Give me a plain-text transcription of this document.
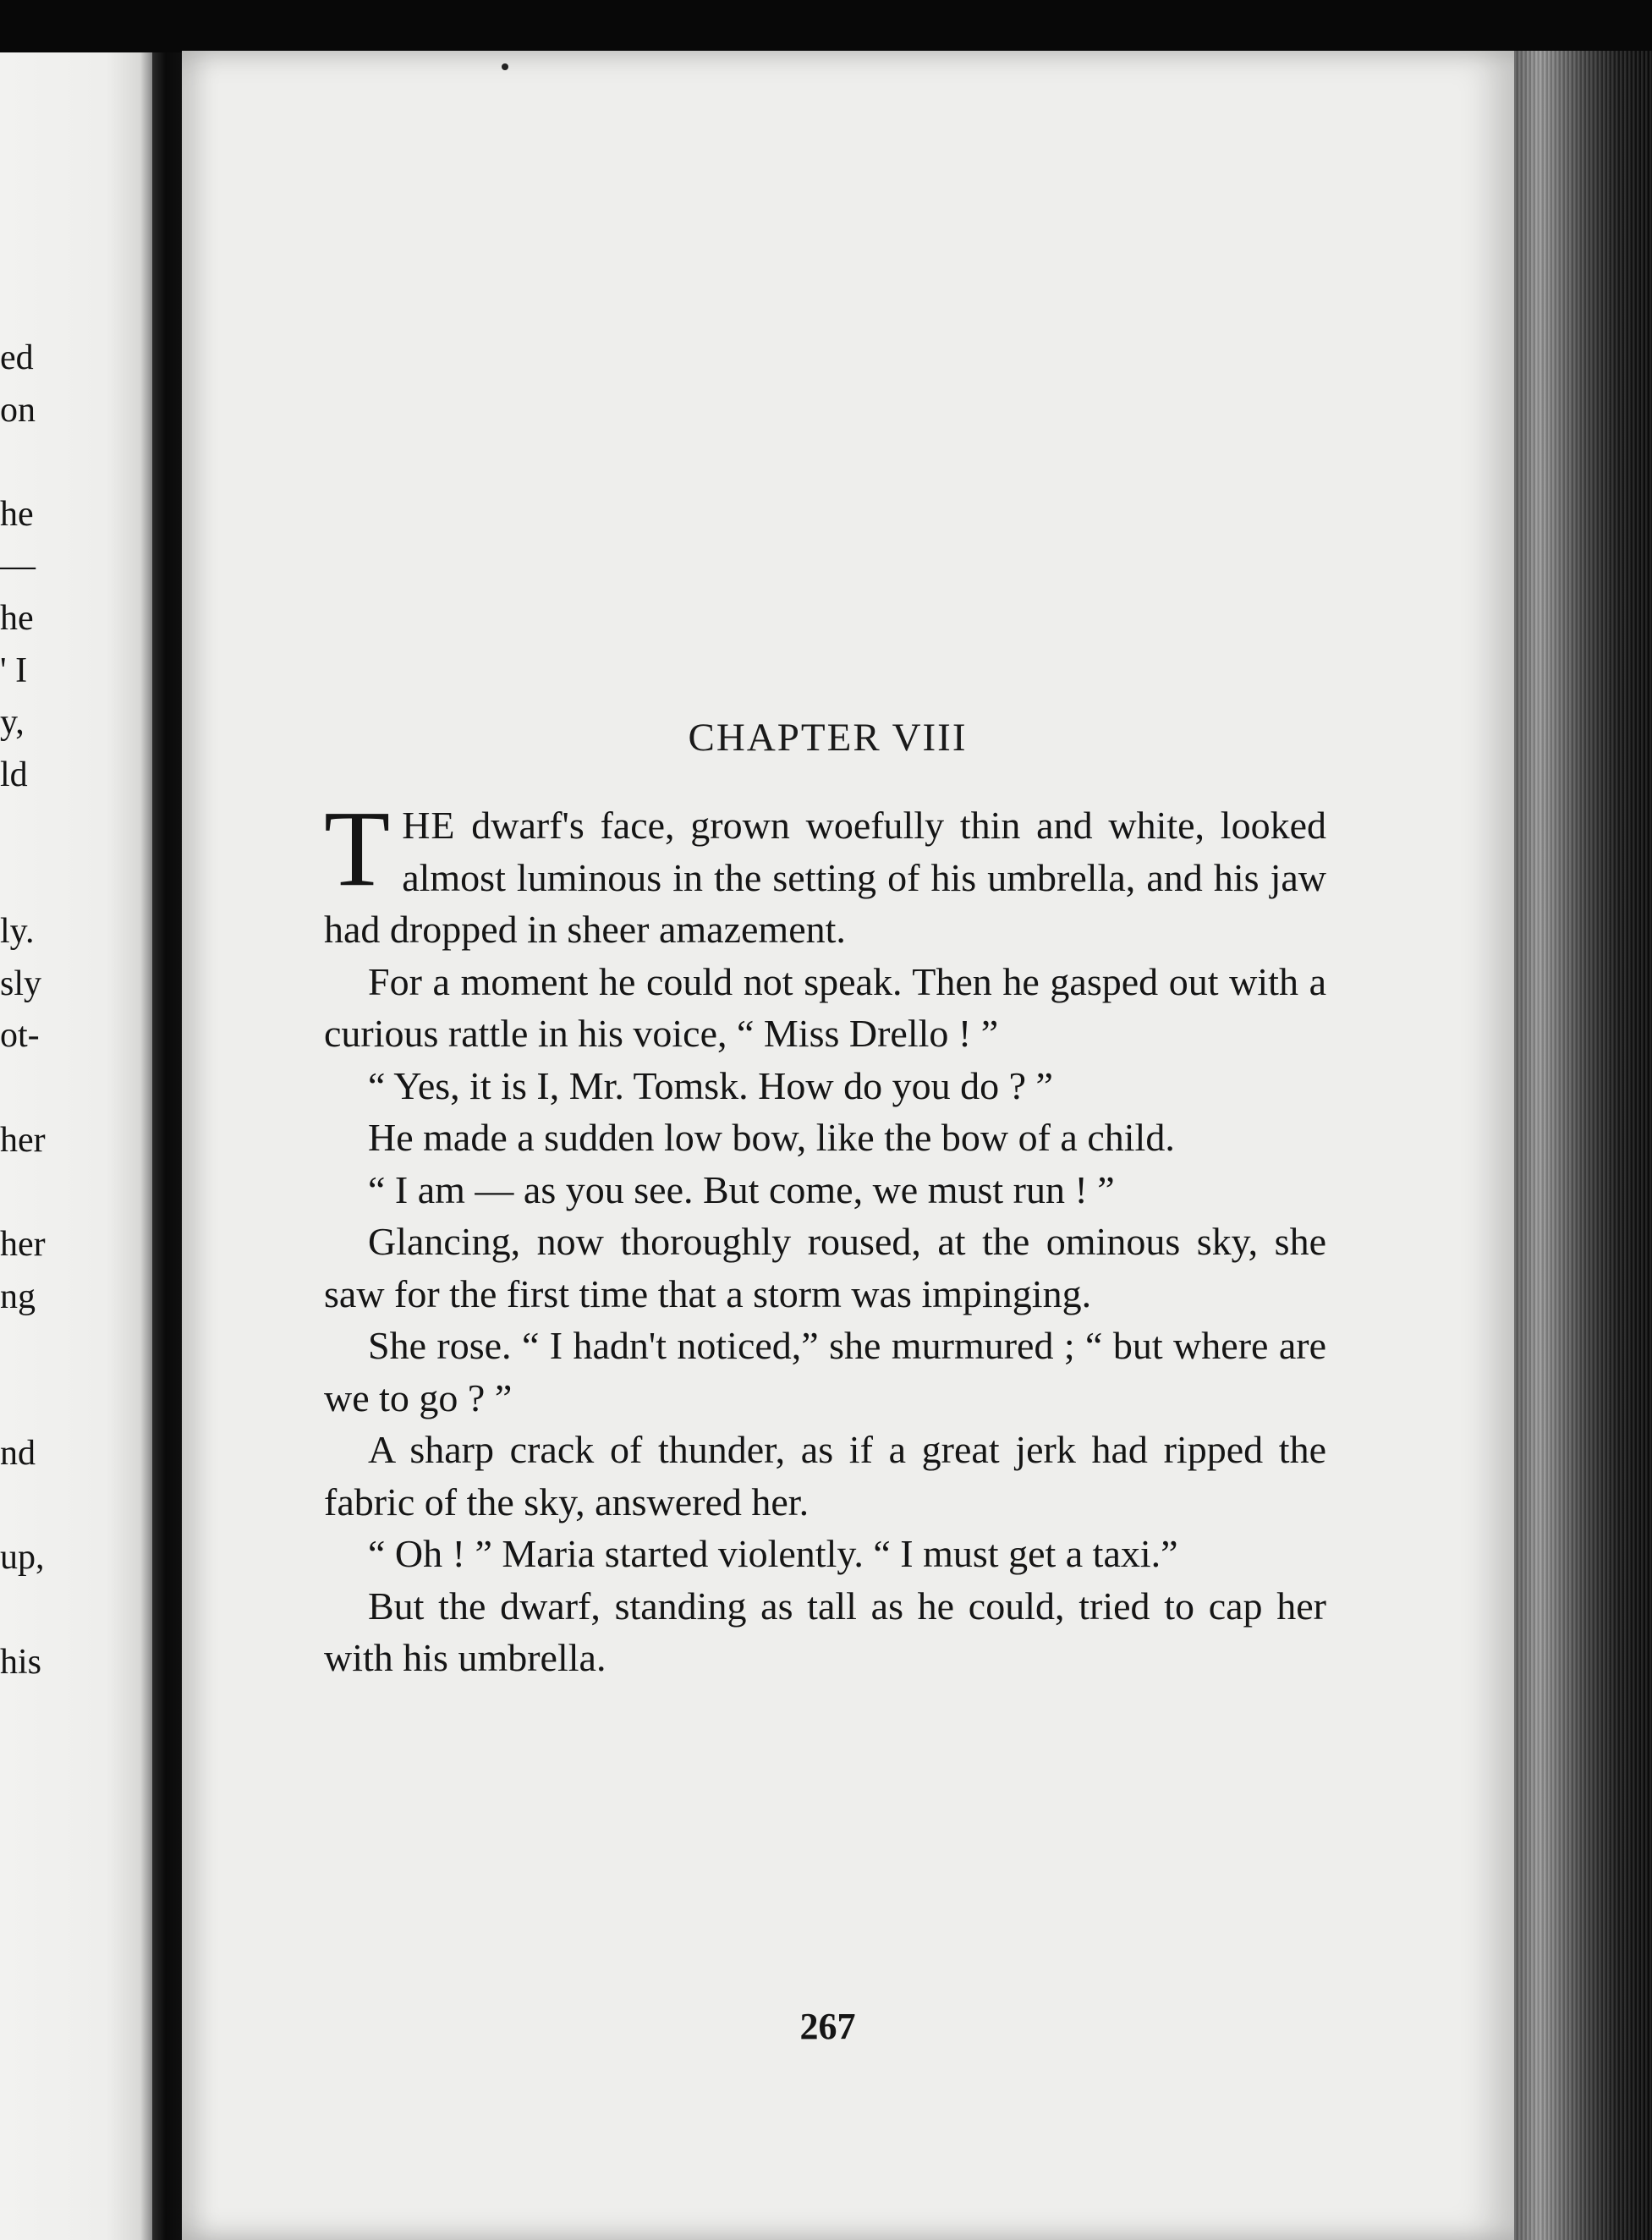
ed
on
he
—
he
' I
y,
ld
ly.
sly
ot-
her
her
ng
nd
up,
his
CHAPTER VIII

THE dwarf's face, grown woefully thin and white, looked almost luminous in the setting of his umbrella, and his jaw had dropped in sheer amazement.

For a moment he could not speak. Then he gasped out with a curious rattle in his voice, “ Miss Drello ! ”

“ Yes, it is I, Mr. Tomsk. How do you do ? ”

He made a sudden low bow, like the bow of a child.

“ I am — as you see. But come, we must run ! ”

Glancing, now thoroughly roused, at the ominous sky, she saw for the first time that a storm was impinging.

She rose. “ I hadn't noticed,” she murmured ; “ but where are we to go ? ”

A sharp crack of thunder, as if a great jerk had ripped the fabric of the sky, answered her.

“ Oh ! ” Maria started violently. “ I must get a taxi.”

But the dwarf, standing as tall as he could, tried to cap her with his umbrella.

267
